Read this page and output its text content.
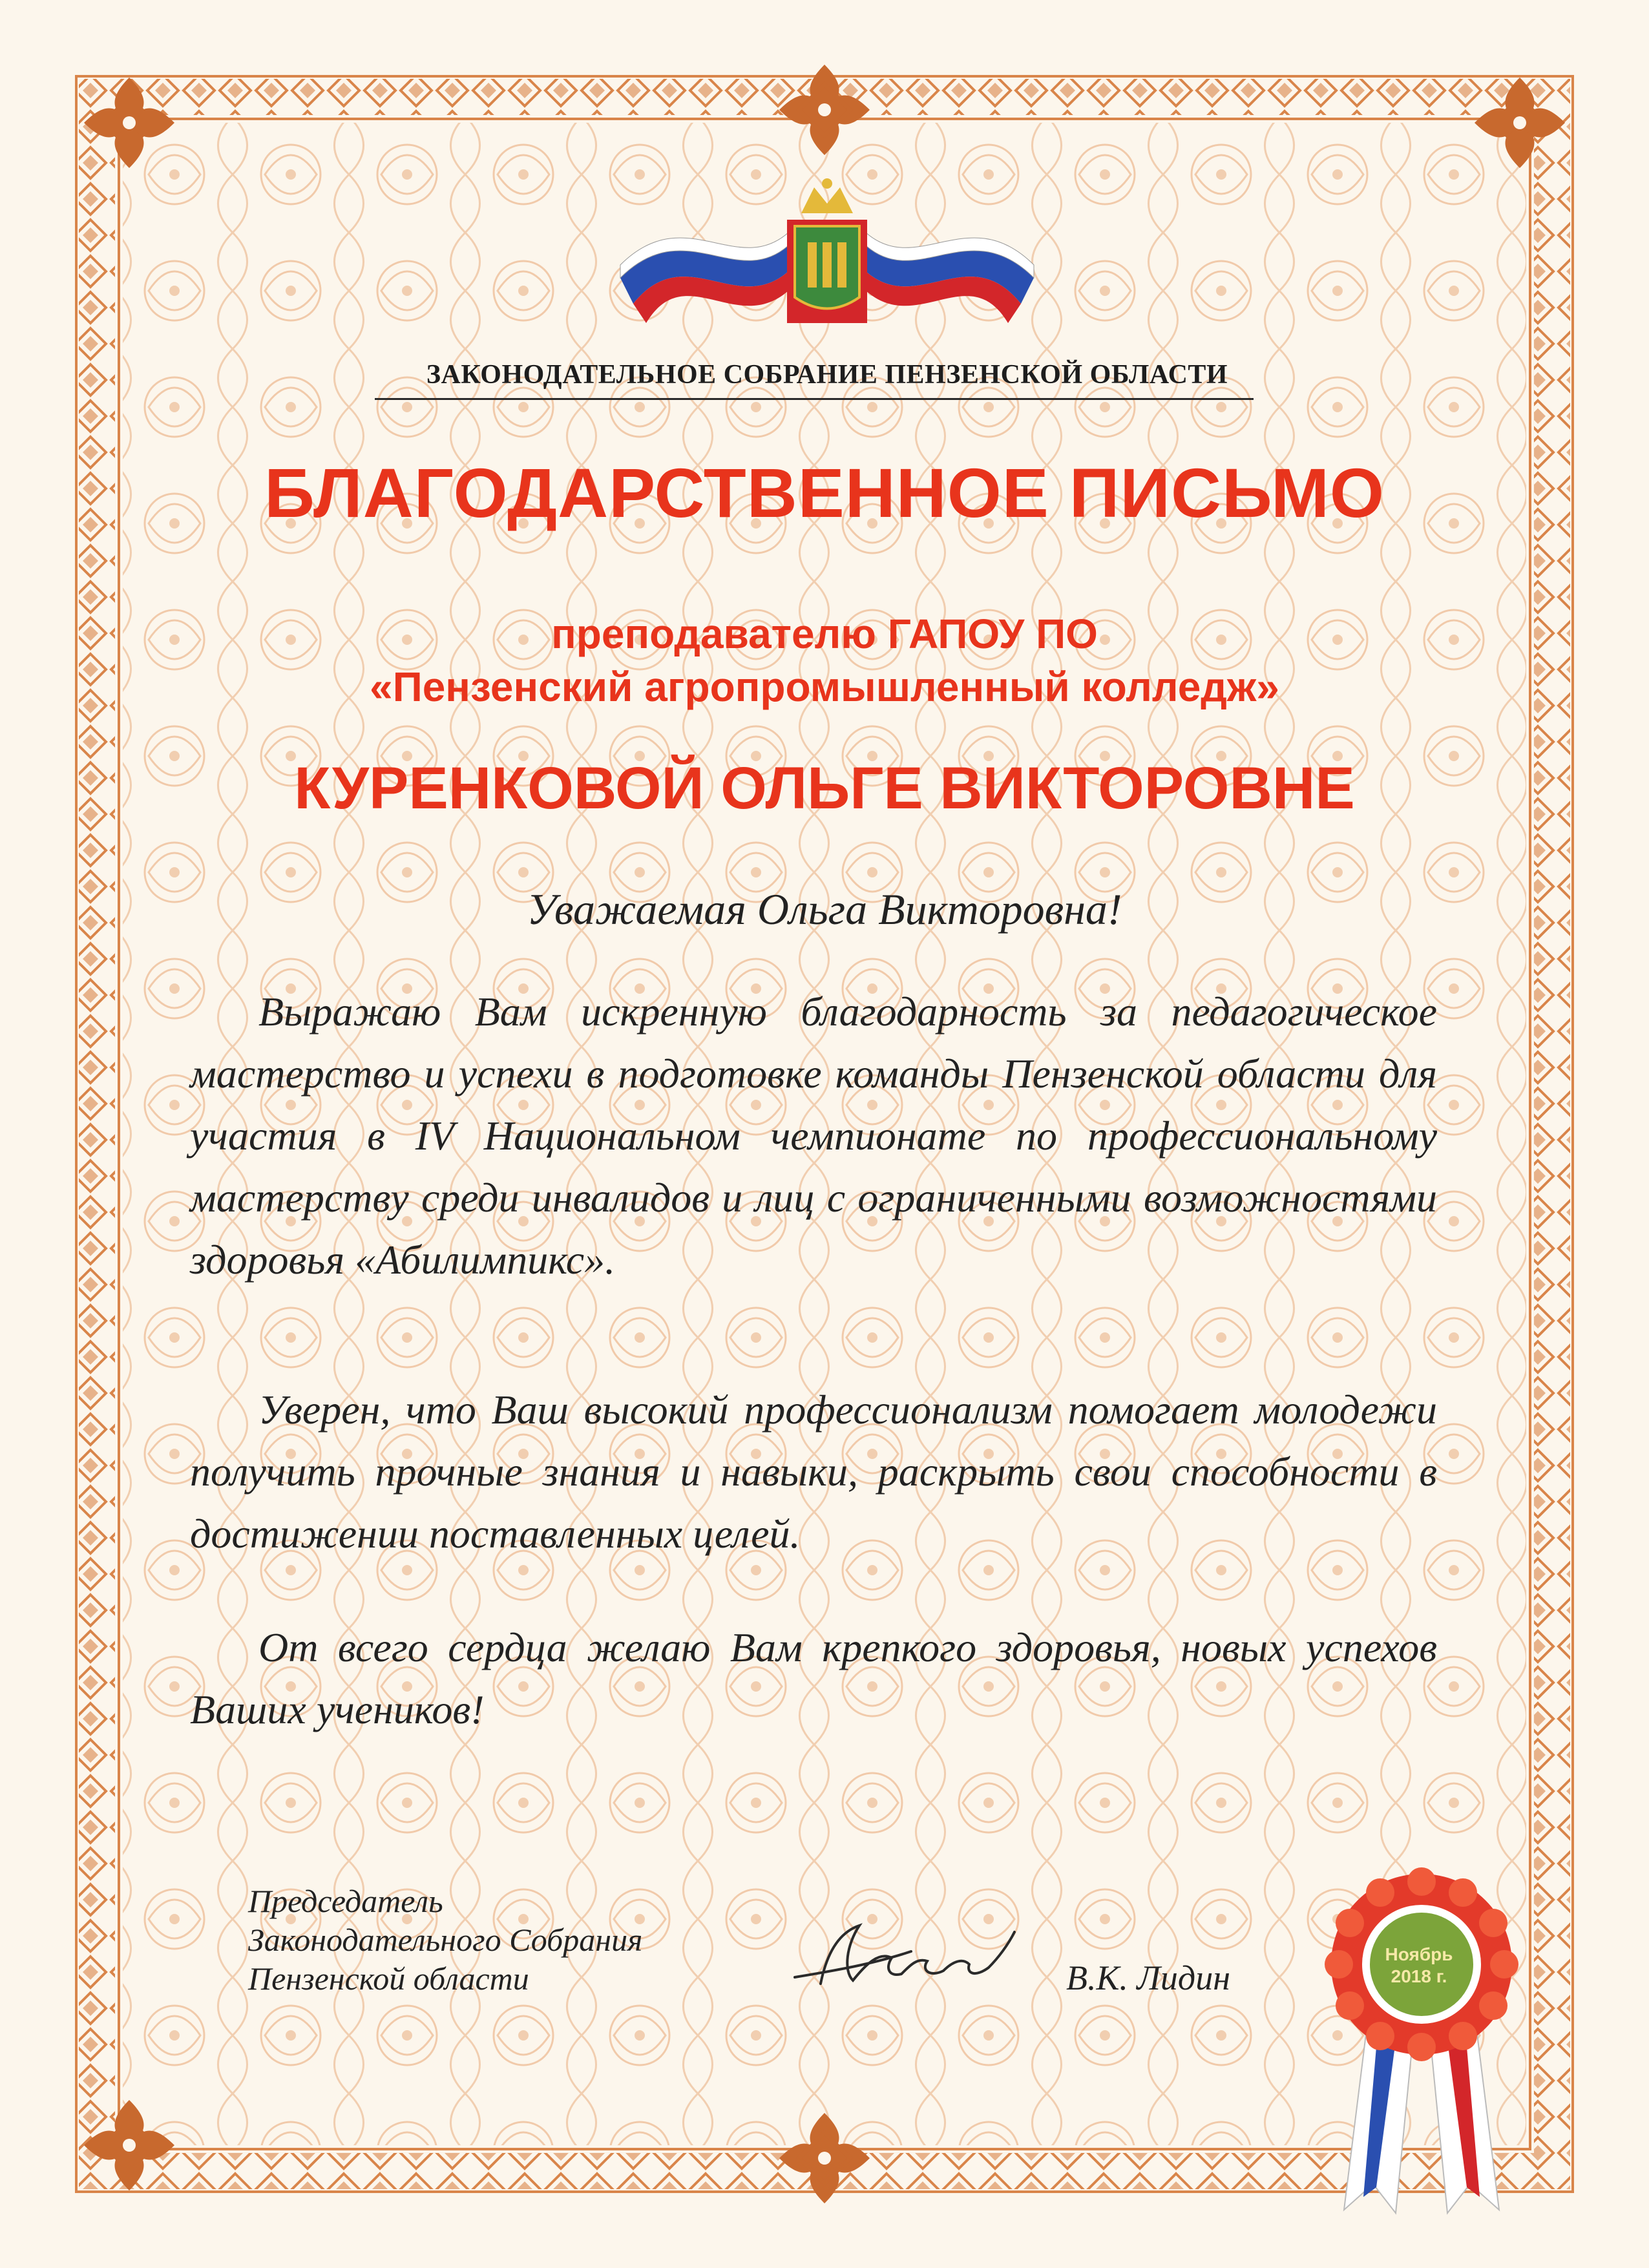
ЗАКОНОДАТЕЛЬНОЕ СОБРАНИЕ ПЕНЗЕНСКОЙ ОБЛАСТИ
БЛАГОДАРСТВЕННОЕ ПИСЬМО
преподавателю ГАПОУ ПО
«Пензенский агропромышленный колледж»
КУРЕНКОВОЙ ОЛЬГЕ ВИКТОРОВНЕ
Уважаемая Ольга Викторовна!

Выражаю Вам искренную благодарность за педагогическое мастерство и успехи в подготовке команды Пензенской области для участия в IV Национальном чемпионате по профессиональному мастерству среди инвалидов и лиц с ограниченными возможностями здоровья «Абилимпикс».

Уверен, что Ваш высокий профессионализм помогает молодежи получить прочные знания и навыки, раскрыть свои способности в достижении поставленных целей.

От всего сердца желаю Вам крепкого здоровья, новых успехов Ваших учеников!

Председатель
Законодательного Собрания
Пензенской области	В.К. Лидин
Ноябрь
2018 г.
